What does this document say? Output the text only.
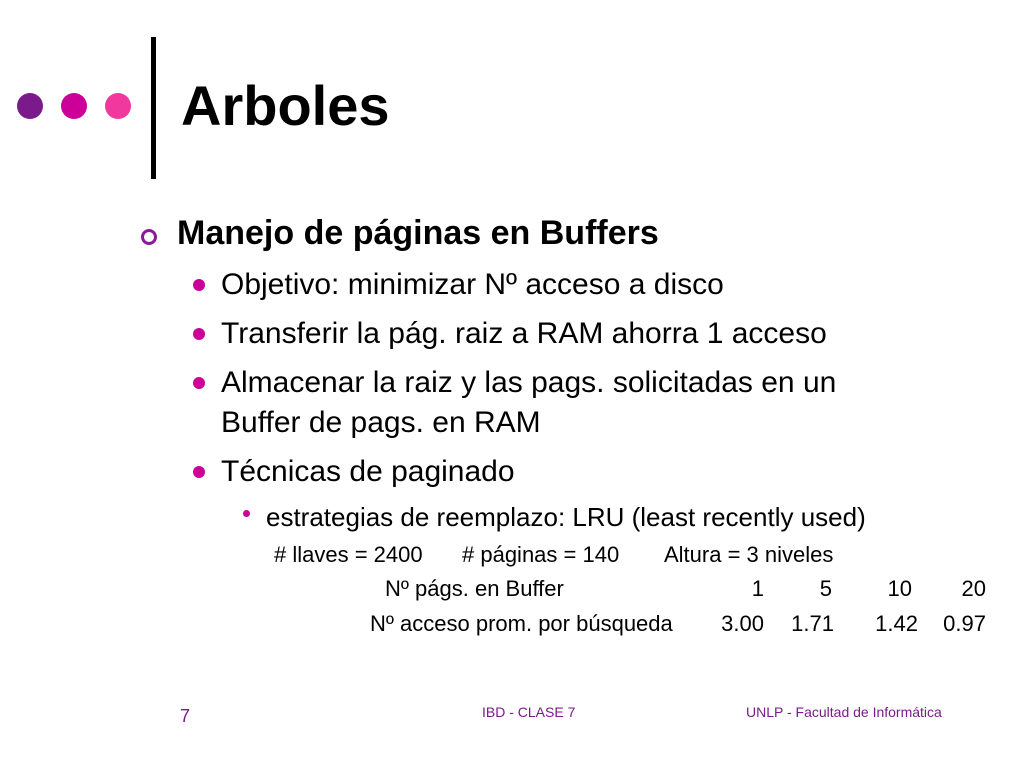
Arboles
Manejo de páginas en Buffers
Objetivo: minimizar Nº acceso a disco
Transferir la pág. raiz a RAM ahorra 1 acceso
Almacenar la raiz y las pags. solicitadas en un
Buffer de pags. en RAM
Técnicas de paginado
estrategias de reemplazo: LRU (least recently used)
# llaves = 2400 # páginas = 140 Altura = 3 niveles
Nº págs. en Buffer	1	5	10	20
Nº acceso prom. por búsqueda	3.00	1.71	1.42	0.97
7	IBD - CLASE 7	UNLP - Facultad de Informática
